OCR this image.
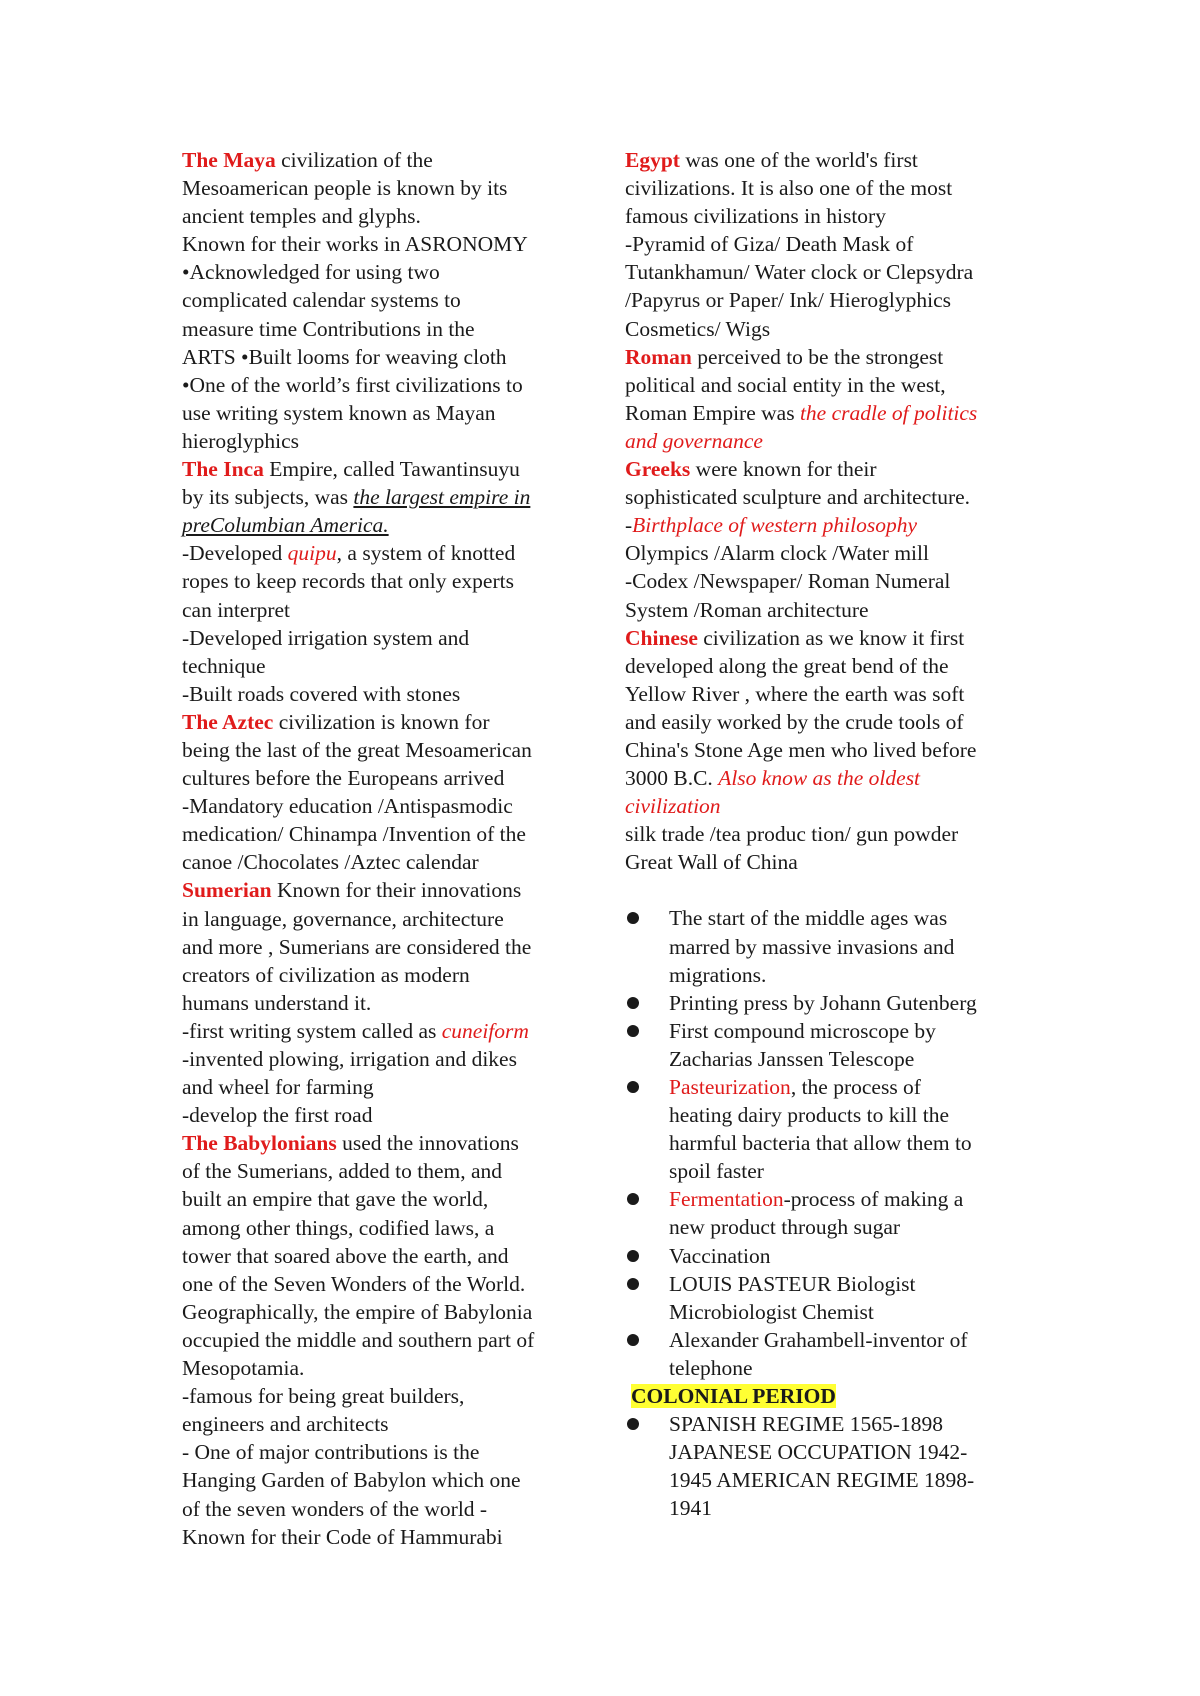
The Maya civilization of the
Mesoamerican people is known by its
ancient temples and glyphs.
Known for their works in ASRONOMY
•Acknowledged for using two
complicated calendar systems to
measure time Contributions in the
ARTS •Built looms for weaving cloth
•One of the world’s first civilizations to
use writing system known as Mayan
hieroglyphics
The Inca Empire, called Tawantinsuyu
by its subjects, was the largest empire in
preColumbian America.
-Developed quipu, a system of knotted
ropes to keep records that only experts
can interpret
-Developed irrigation system and
technique
-Built roads covered with stones
The Aztec civilization is known for
being the last of the great Mesoamerican
cultures before the Europeans arrived
-Mandatory education /Antispasmodic
medication/ Chinampa /Invention of the
canoe /Chocolates /Aztec calendar
Sumerian Known for their innovations
in language, governance, architecture
and more , Sumerians are considered the
creators of civilization as modern
humans understand it.
-first writing system called as cuneiform
-invented plowing, irrigation and dikes
and wheel for farming
-develop the first road
The Babylonians used the innovations
of the Sumerians, added to them, and
built an empire that gave the world,
among other things, codified laws, a
tower that soared above the earth, and
one of the Seven Wonders of the World.
Geographically, the empire of Babylonia
occupied the middle and southern part of
Mesopotamia.
-famous for being great builders,
engineers and architects
- One of major contributions is the
Hanging Garden of Babylon which one
of the seven wonders of the world -
Known for their Code of Hammurabi
Egypt was one of the world's first
civilizations. It is also one of the most
famous civilizations in history
-Pyramid of Giza/ Death Mask of
Tutankhamun/ Water clock or Clepsydra
/Papyrus or Paper/ Ink/ Hieroglyphics
Cosmetics/ Wigs
Roman perceived to be the strongest
political and social entity in the west,
Roman Empire was the cradle of politics
and governance
Greeks were known for their
sophisticated sculpture and architecture.
-Birthplace of western philosophy
Olympics /Alarm clock /Water mill
-Codex /Newspaper/ Roman Numeral
System /Roman architecture
Chinese civilization as we know it first
developed along the great bend of the
Yellow River , where the earth was soft
and easily worked by the crude tools of
China's Stone Age men who lived before
3000 B.C. Also know as the oldest
civilization
silk trade /tea produc tion/ gun powder
Great Wall of China
The start of the middle ages was
marred by massive invasions and
migrations.
Printing press by Johann Gutenberg
First compound microscope by
Zacharias Janssen Telescope
Pasteurization, the process of
heating dairy products to kill the
harmful bacteria that allow them to
spoil faster
Fermentation-process of making a
new product through sugar
Vaccination
LOUIS PASTEUR Biologist
Microbiologist Chemist
Alexander Grahambell-inventor of
telephone
COLONIAL PERIOD
SPANISH REGIME 1565-1898
JAPANESE OCCUPATION 1942-
1945 AMERICAN REGIME 1898-
1941
